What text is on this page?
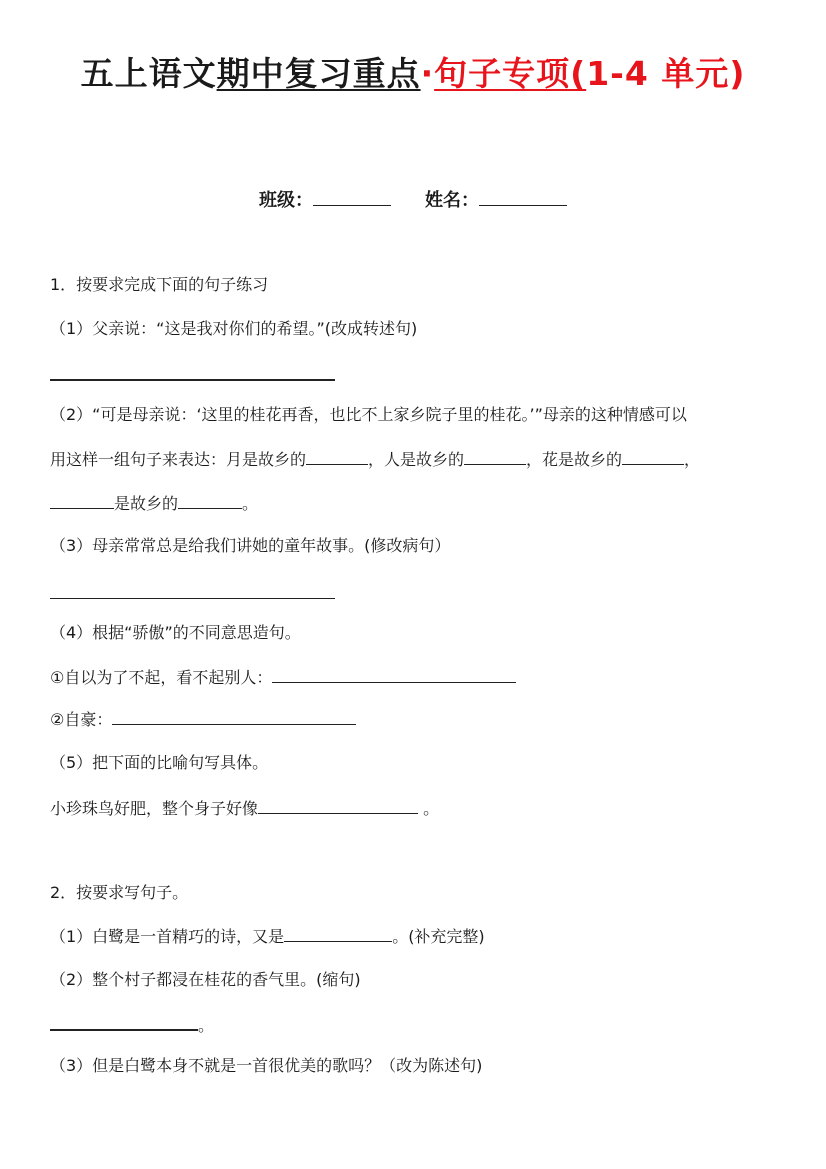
五上语文期中复习重点·句子专项(1-4 单元)
班级：	姓名：
1．按要求完成下面的句子练习
（1）父亲说：“这是我对你们的希望。”(改成转述句)
（2）“可是母亲说：‘这里的桂花再香，也比不上家乡院子里的桂花。’”母亲的这种情感可以
用这样一组句子来表达：月是故乡的	，人是故乡的	，花是故乡的	，
是故乡的	。
（3）母亲常常总是给我们讲她的童年故事。(修改病句）
（4）根据“骄傲”的不同意思造句。
①自以为了不起，看不起别人：
②自豪：
（5）把下面的比喻句写具体。
小珍珠鸟好肥，整个身子好像	。
2．按要求写句子。
（1）白鹭是一首精巧的诗，又是	。(补充完整)
（2）整个村子都浸在桂花的香气里。(缩句)
。
（3）但是白鹭本身不就是一首很优美的歌吗？（改为陈述句)
